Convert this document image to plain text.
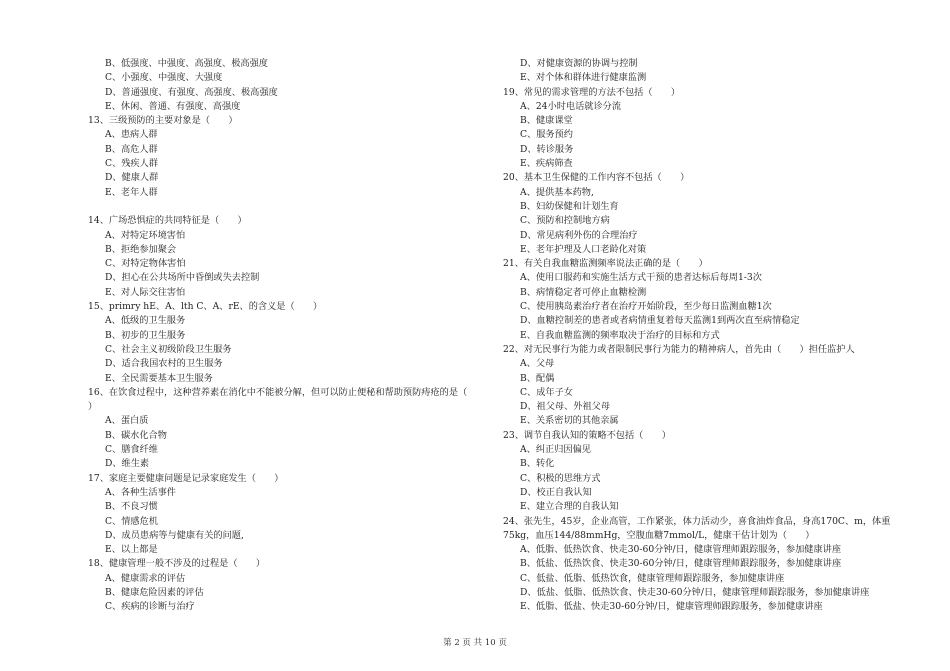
B、低强度、中强度、高强度、极高强度
C、小强度、中强度、大强度
D、普通强度、有强度、高强度、极高强度
E、休闲、普通、有强度、高强度
13、三级预防的主要对象是（　　）
A、患病人群
B、高危人群
C、残疾人群
D、健康人群
E、老年人群
14、广场恐惧症的共同特征是（　　）
A、对特定环境害怕
B、拒绝参加聚会
C、对特定物体害怕
D、担心在公共场所中昏倒或失去控制
E、对人际交往害怕
15、primry hE、A、lth C、A、rE、的含义是（　　）
A、低级的卫生服务
B、初步的卫生服务
C、社会主义初级阶段卫生服务
D、适合我国农村的卫生服务
E、全民需要基本卫生服务
16、在饮食过程中，这种营养素在消化中不能被分解，但可以防止便秘和帮助预防痔疮的是（
）
A、蛋白质
B、碳水化合物
C、膳食纤维
D、维生素
17、家庭主要健康问题是记录家庭发生（　　）
A、各种生活事件
B、不良习惯
C、情感危机
D、成员患病等与健康有关的问题,
E、以上都是
18、健康管理一般不涉及的过程是（　　）
A、健康需求的评估
B、健康危险因素的评估
C、疾病的诊断与治疗
D、对健康资源的协调与控制
E、对个体和群体进行健康监测
19、常见的需求管理的方法不包括（　　）
A、24小时电话就诊分流
B、健康课堂
C、服务预约
D、转诊服务
E、疾病筛查
20、基本卫生保健的工作内容不包括（　　）
A、提供基本药物,
B、妇幼保健和计划生育
C、预防和控制地方病
D、常见病利外伤的合理治疗
E、老年护理及人口老龄化对策
21、有关自我血糖监测频率说法正确的是（　　）
A、使用口服药和实施生活方式干预的患者达标后每周1-3次
B、病情稳定者可停止血糖检测
C、使用胰岛素治疗者在治疗开始阶段，至少每日监测血糖1次
D、血糖控制差的患者或者病情重复着每天监测1到两次直至病情稳定
E、自我血糖监测的频率取决于治疗的目标和方式
22、对无民事行为能力或者限制民事行为能力的精神病人，首先由（　　）担任监护人
A、父母
B、配偶
C、成年子女
D、祖父母、外祖父母
E、关系密切的其他亲属
23、调节自我认知的策略不包括（　　）
A、纠正归因偏见
B、转化
C、积极的思维方式
D、校正自我认知
E、建立合理的自我认知
24、张先生，45岁，企业高管，工作紧张，体力活动少，喜食油炸食品，身高170C、m，体重
75kg，血压144/88mmHg，空腹血糖7mmol/L，健康干估计划为（　　）
A、低脂、低热饮食、快走30-60分钟/日，健康管理师跟踪服务，参加健康讲座
B、低盐、低热饮食、快走30-60分钟/日，健康管理师跟踪服务，参加健康讲座
C、低盐、低脂、低热饮食，健康管理师跟踪服务，参加健康讲座
D、低盐、低脂、低热饮食、快走30-60分钟/日，健康管理师跟踪服务，参加健康讲座
E、低脂、低盐、快走30-60分钟/日，健康管理师跟踪服务，参加健康讲座
第 2 页 共 10 页
